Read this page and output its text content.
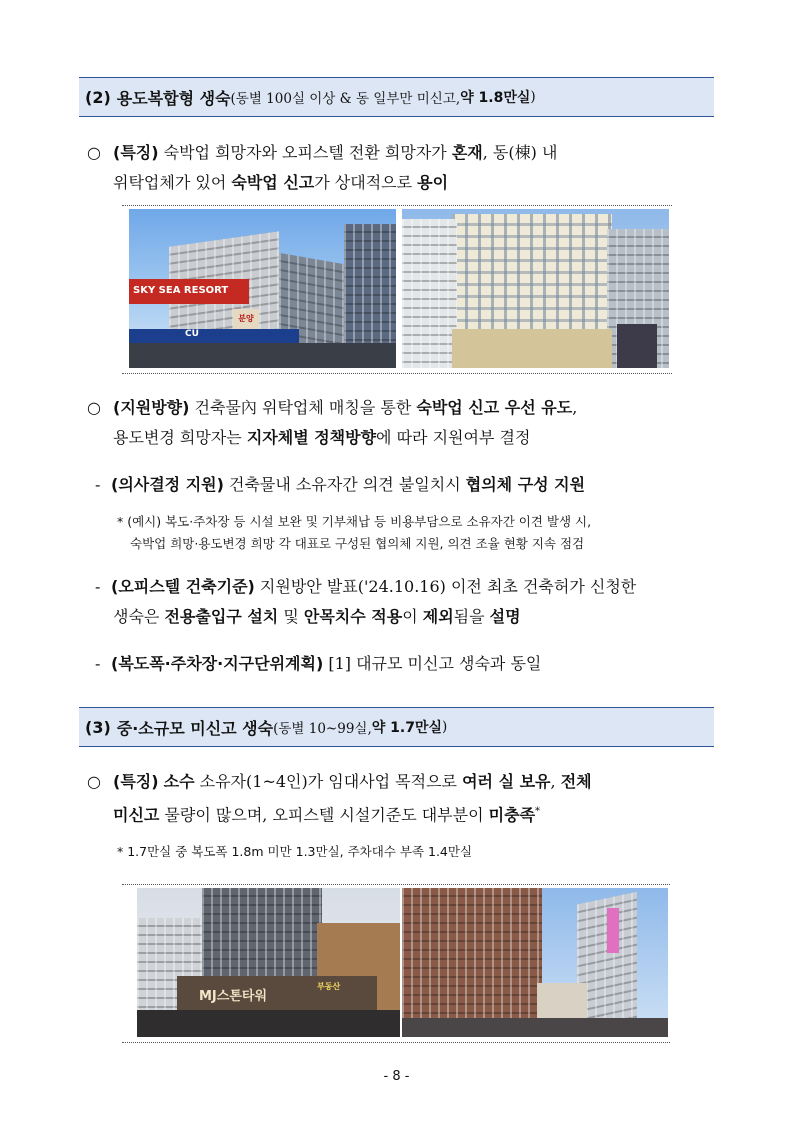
(2) 용도복합형 생숙 (동별 100실 이상 & 동 일부만 미신고, 약 1.8만실 )
○ (특징) 숙박업 희망자와 오피스텔 전환 희망자가 혼재, 동(棟) 내
위탁업체가 있어 숙박업 신고가 상대적으로 용이
SKY SEA RESORT
분양
CU
○ (지원방향) 건축물內 위탁업체 매칭을 통한 숙박업 신고 우선 유도,
용도변경 희망자는 지자체별 정책방향에 따라 지원여부 결정
- (의사결정 지원) 건축물내 소유자간 의견 불일치시 협의체 구성 지원
* (예시) 복도·주차장 등 시설 보완 및 기부채납 등 비용부담으로 소유자간 이견 발생 시,
숙박업 희망·용도변경 희망 각 대표로 구성된 협의체 지원, 의견 조율 현황 지속 점검
- (오피스텔 건축기준) 지원방안 발표('24.10.16) 이전 최초 건축허가 신청한
생숙은 전용출입구 설치 및 안목치수 적용이 제외됨을 설명
- (복도폭·주차장·지구단위계획) [1] 대규모 미신고 생숙과 동일
(3) 중·소규모 미신고 생숙 (동별 10~99실, 약 1.7만실 )
○ (특징) 소수 소유자(1~4인)가 임대사업 목적으로 여러 실 보유, 전체
미신고 물량이 많으며, 오피스텔 시설기준도 대부분이 미충족*
* 1.7만실 중 복도폭 1.8m 미만 1.3만실, 주차대수 부족 1.4만실
MJ스톤타워
부동산
- 8 -
